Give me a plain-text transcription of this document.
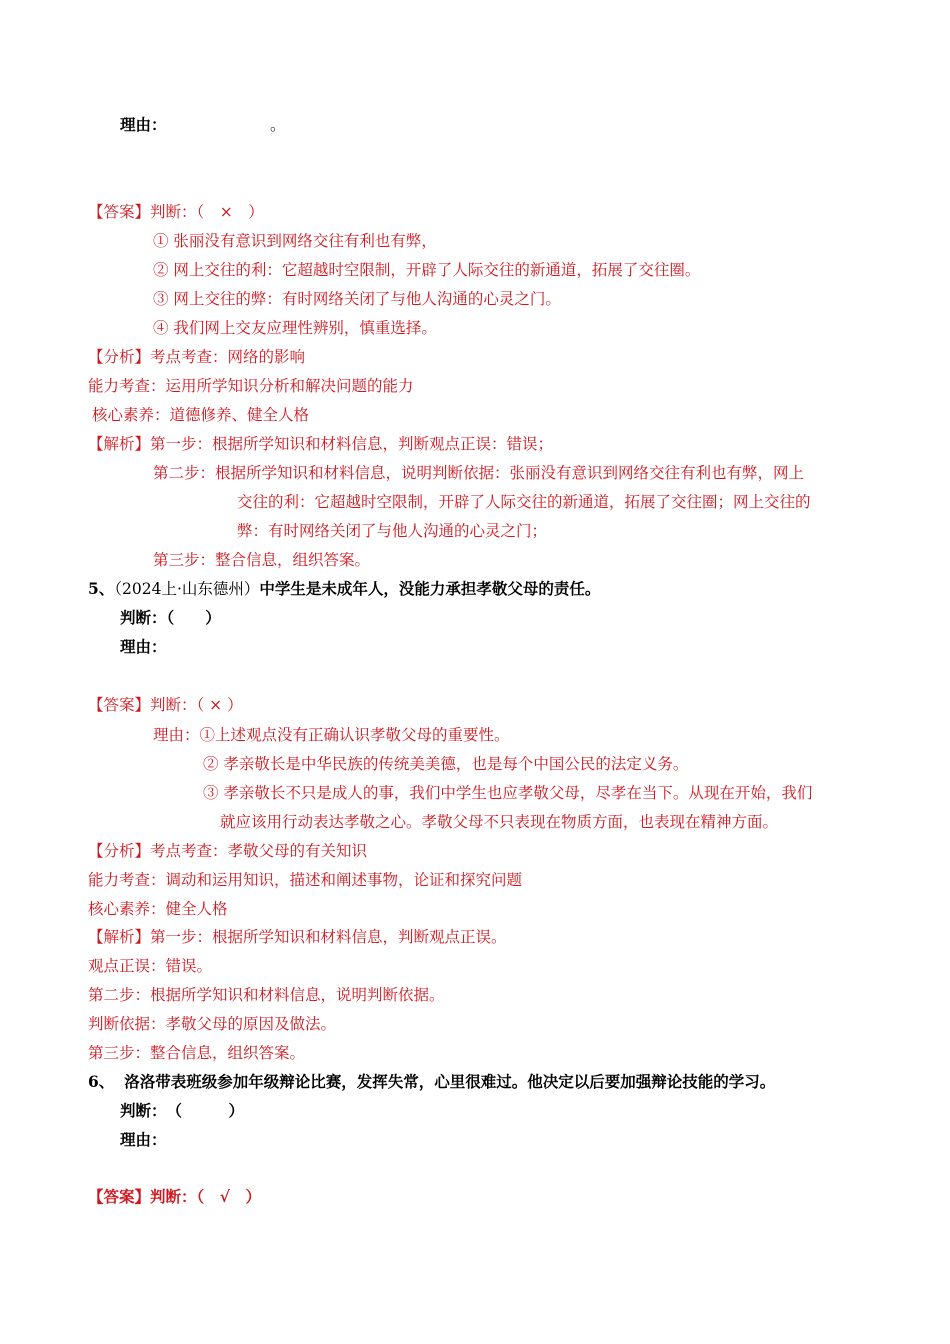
理由：	。
【答案】判断：（　×　）
① 张丽没有意识到网络交往有利也有弊，
② 网上交往的利：它超越时空限制，开辟了人际交往的新通道，拓展了交往圈。
③ 网上交往的弊：有时网络关闭了与他人沟通的心灵之门。
④ 我们网上交友应理性辨别，慎重选择。
【分析】考点考查：网络的影响
能力考查：运用所学知识分析和解决问题的能力
核心素养：道德修养、健全人格
【解析】第一步：根据所学知识和材料信息，判断观点正误：错误；
第二步：根据所学知识和材料信息，说明判断依据：张丽没有意识到网络交往有利也有弊，网上
交往的利：它超越时空限制，开辟了人际交往的新通道，拓展了交往圈；网上交往的
弊：有时网络关闭了与他人沟通的心灵之门；
第三步：整合信息，组织答案。
5、（2024上·山东德州）中学生是未成年人，没能力承担孝敬父母的责任。
判断：（　　）
理由：
【答案】判断：（ × ）
理由：①上述观点没有正确认识孝敬父母的重要性。
② 孝亲敬长是中华民族的传统美美德，也是每个中国公民的法定义务。
③ 孝亲敬长不只是成人的事，我们中学生也应孝敬父母，尽孝在当下。从现在开始，我们
就应该用行动表达孝敬之心。孝敬父母不只表现在物质方面，也表现在精神方面。
【分析】考点考查：孝敬父母的有关知识
能力考查：调动和运用知识，描述和阐述事物，论证和探究问题
核心素养：健全人格
【解析】第一步：根据所学知识和材料信息，判断观点正误。
观点正误：错误。
第二步：根据所学知识和材料信息，说明判断依据。
判断依据：孝敬父母的原因及做法。
第三步：整合信息，组织答案。
6、 洛洛带表班级参加年级辩论比赛，发挥失常，心里很难过。他决定以后要加强辩论技能的学习。
判断：　（　　　）
理由：
【答案】判断：（　√　）
